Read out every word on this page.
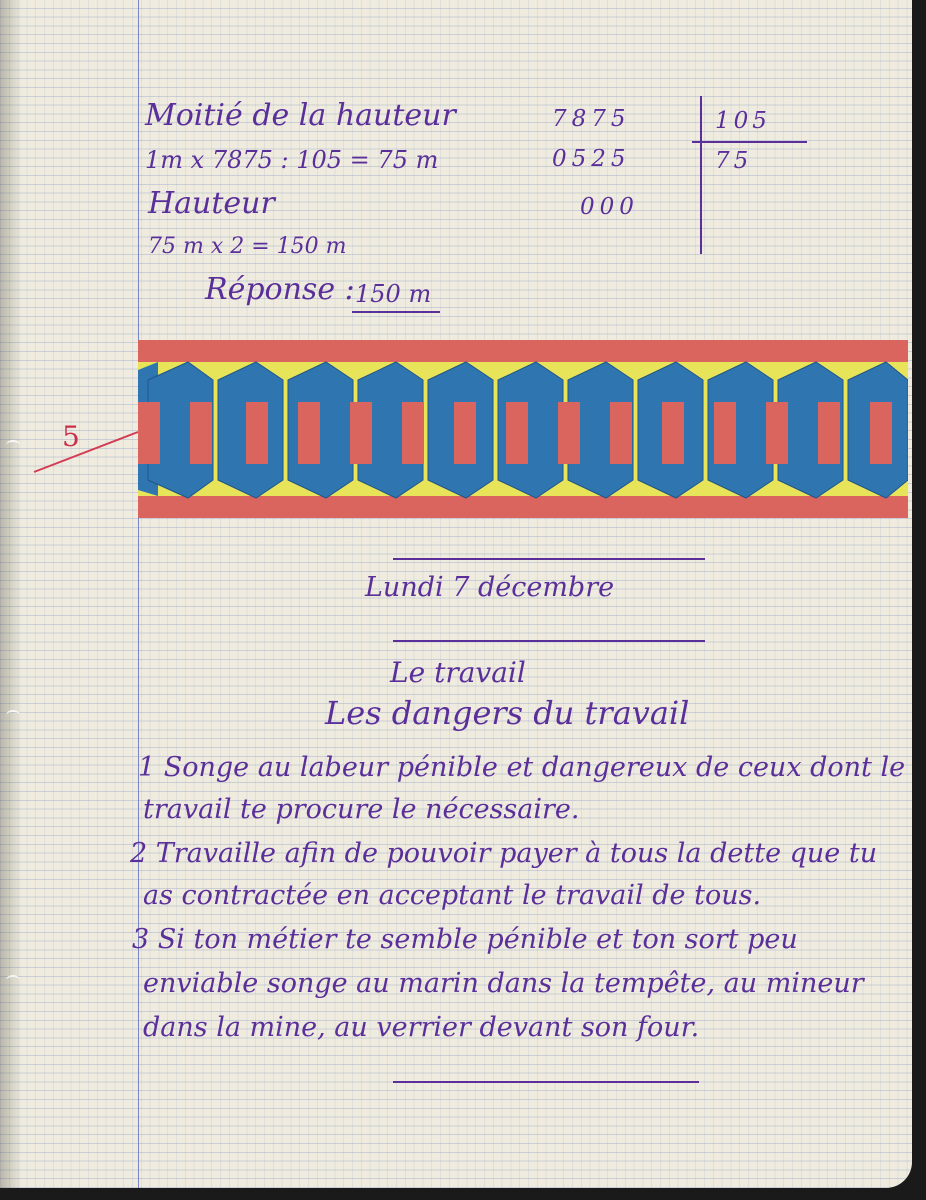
Moitié de la hauteur
1m x 7875 : 105 = 75 m
Hauteur
75 m x 2 = 150 m
Réponse : 150 m
7875
0525
000
105
75
5
Lundi 7 décembre
Le travail
Les dangers du travail
1 Songe au labeur pénible et dangereux de ceux dont le
travail te procure le nécessaire.
2 Travaille afin de pouvoir payer à tous la dette que tu
as contractée en acceptant le travail de tous.
3 Si ton métier te semble pénible et ton sort peu
enviable songe au marin dans la tempête, au mineur
dans la mine, au verrier devant son four.
